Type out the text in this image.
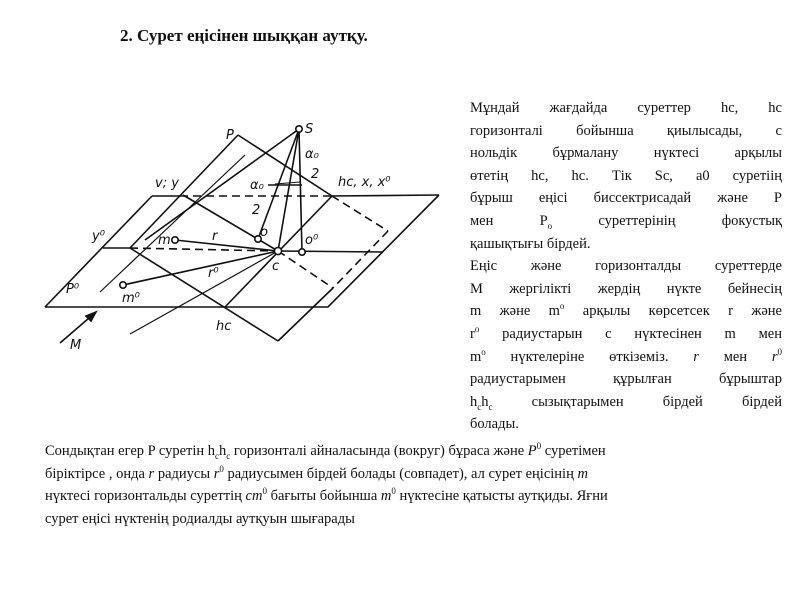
2. Сурет еңісінен шыққан аутқу.
S
P
α₀
2
α₀
2
hc, x, x⁰
v; y
y⁰	m	r	o
o⁰
c
r⁰
P⁰
m⁰
hc
M
Мұндай жағдайда суреттер hc, hc
горизонталі бойынша қиылысады, с
нольдік бұрмалану нүктесі арқылы
өтетің hc, hc. Тік Sc, a0 суретіің
бұрыш еңісі биссектрисадай және P
мен $P_o$ суреттерінің фокустық
қашықтығы бірдей.
Еңіс және горизонталды суреттерде
M жергілікті жердің нүкте бейнесің
m және $m^o$ арқылы көрсетсек r және
$r^o$ радиустарын с нүктесінен m мен
$m^o$ нүктелеріне өткіземіз. r мен $r^0$
радиустарымен құрылған бұрыштар
$h_ch_c$ сызықтарымен бірдей бірдей
болады.
Сондықтан егер P суретін $h_ch_c$ горизонталі айналасында (вокруг) бұраса және $P^0$ суретімен
біріктірсе , онда r радиусы $r^0$ радиусымен бірдей болады (совпадет), ал сурет еңісінің m
нүктесі горизонтальды суреттің $cm^0$ бағыты бойынша $m^0$ нүктесіне қатысты аутқиды. Яғни
сурет еңісі нүктенің родиалды аутқуын шығарады
